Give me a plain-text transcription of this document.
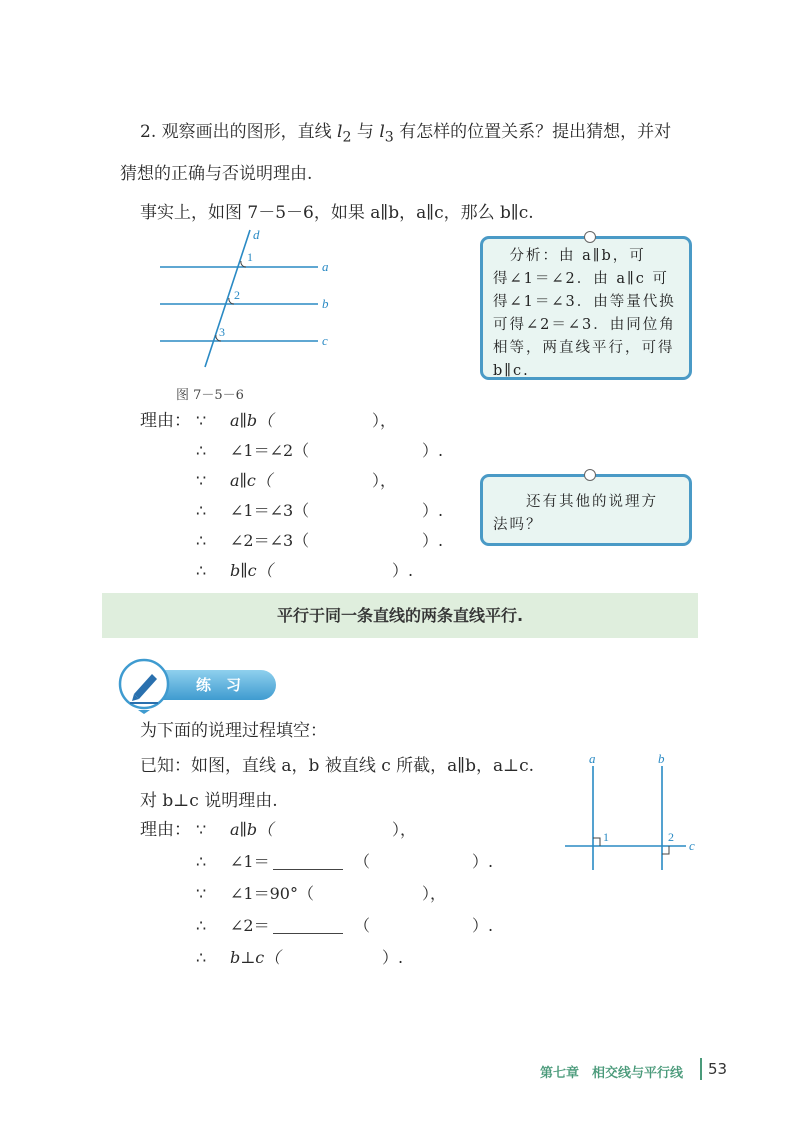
2. 观察画出的图形，直线 $l_2$ 与 $l_3$ 有怎样的位置关系？提出猜想，并对
猜想的正确与否说明理由.
事实上，如图 7－5－6，如果 a∥b，a∥c，那么 b∥c.
d
a
b
c
1
2
3
图 7－5－6
　分析：由 a∥b，可
得∠1＝∠2．由 a∥c 可
得∠1＝∠3．由等量代换
可得∠2＝∠3．由同位角
相等，两直线平行，可得
b∥c.
理由： ∵ a∥b（	），
∴ ∠1＝∠2（	）.
∵ a∥c（	），
∴ ∠1＝∠3（	）.
∴ ∠2＝∠3（	）.
∴ b∥c（	）.
　　还有其他的说理方
法吗？
平行于同一条直线的两条直线平行.
练　习
为下面的说理过程填空：
已知：如图，直线 a，b 被直线 c 所截，a∥b，a⊥c.
对 b⊥c 说明理由.
理由： ∵ a∥b（	），
∴ ∠1＝	（	）.
∵ ∠1＝90°（	），
∴ ∠2＝	（	）.
∴ b⊥c（	）.
a	b
c
1	2
第七章 相交线与平行线 53
